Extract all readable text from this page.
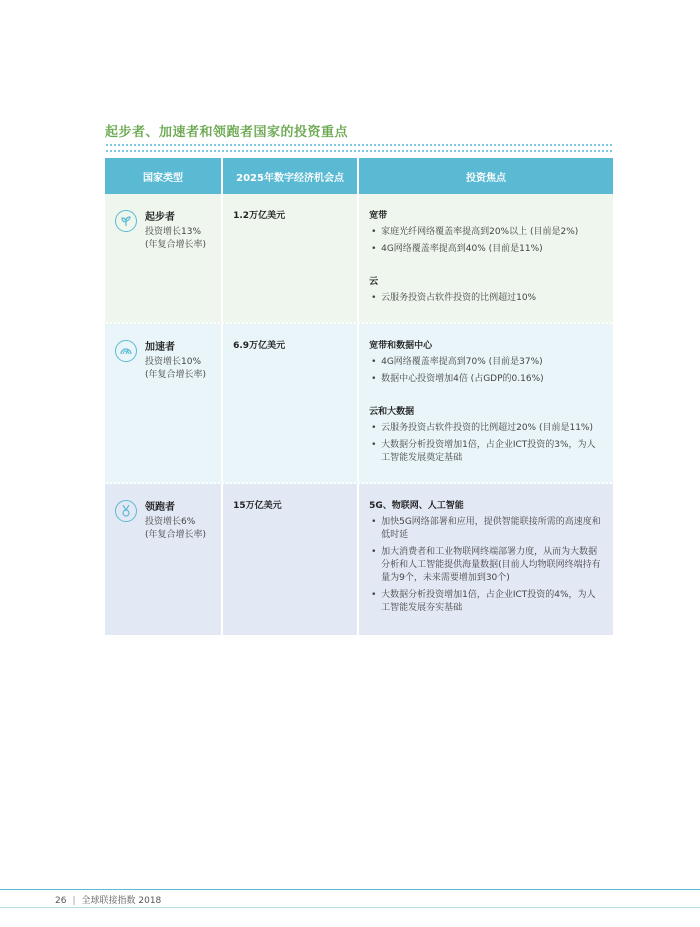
起步者、加速者和领跑者国家的投资重点
国家类型	2025年数字经济机会点	投资焦点
起步者
投资增长13%
(年复合增长率)
1.2万亿美元	宽带
• 家庭光纤网络覆盖率提高到20%以上 (目前是2%)
• 4G网络覆盖率提高到40% (目前是11%)
云
• 云服务投资占软件投资的比例超过10%
加速者
投资增长10%
(年复合增长率)
6.9万亿美元	宽带和数据中心
• 4G网络覆盖率提高到70% (目前是37%)
• 数据中心投资增加4倍 (占GDP的0.16%)
云和大数据
• 云服务投资占软件投资的比例超过20% (目前是11%)
• 大数据分析投资增加1倍，占企业ICT投资的3%，为人工智能发展奠定基础
领跑者
投资增长6%
(年复合增长率)
15万亿美元	5G、物联网、人工智能
• 加快5G网络部署和应用，提供智能联接所需的高速度和低时延
• 加大消费者和工业物联网终端部署力度，从而为大数据分析和人工智能提供海量数据(目前人均物联网终端持有量为9个，未来需要增加到30个)
• 大数据分析投资增加1倍，占企业ICT投资的4%，为人工智能发展夯实基础
26 | 全球联接指数 2018
